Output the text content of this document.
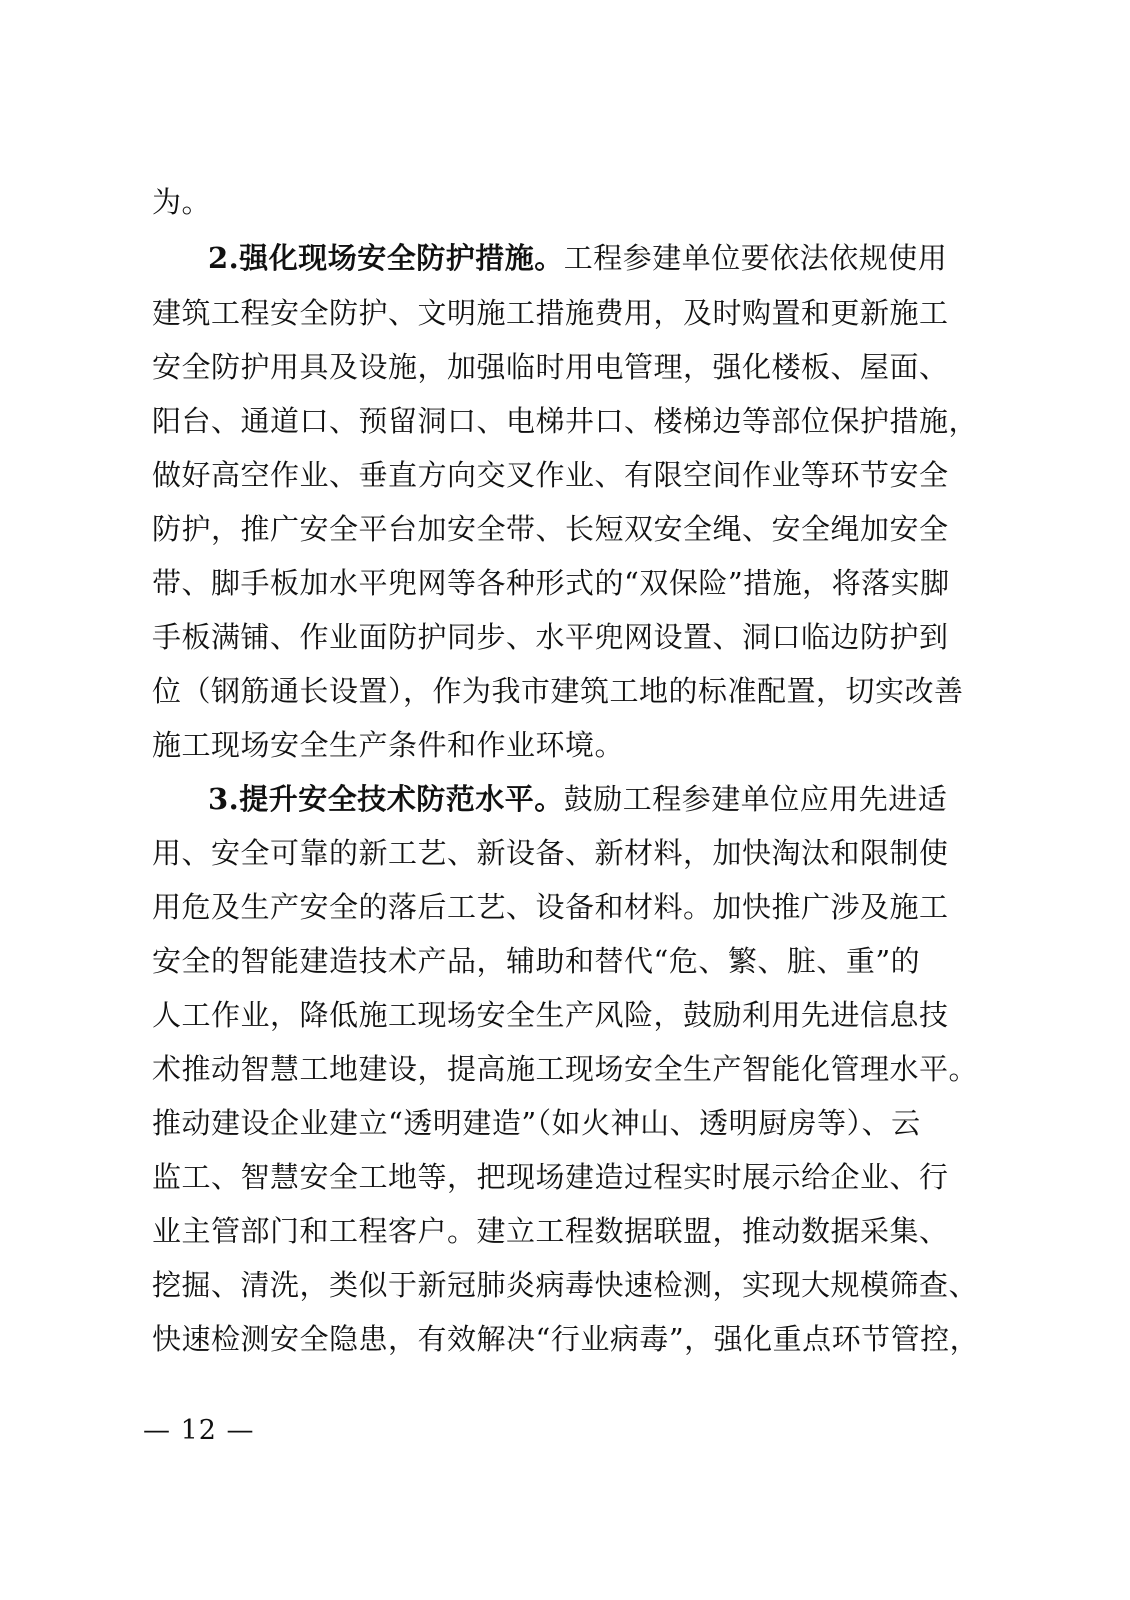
为。
2.强化现场安全防护措施。工程参建单位要依法依规使用
建筑工程安全防护、文明施工措施费用，及时购置和更新施工
安全防护用具及设施，加强临时用电管理，强化楼板、屋面、
阳台、通道口、预留洞口、电梯井口、楼梯边等部位保护措施，
做好高空作业、垂直方向交叉作业、有限空间作业等环节安全
防护，推广安全平台加安全带、长短双安全绳、安全绳加安全
带、脚手板加水平兜网等各种形式的“双保险”措施，将落实脚
手板满铺、作业面防护同步、水平兜网设置、洞口临边防护到
位（钢筋通长设置），作为我市建筑工地的标准配置，切实改善
施工现场安全生产条件和作业环境。
3.提升安全技术防范水平。鼓励工程参建单位应用先进适
用、安全可靠的新工艺、新设备、新材料，加快淘汰和限制使
用危及生产安全的落后工艺、设备和材料。加快推广涉及施工
安全的智能建造技术产品，辅助和替代“危、繁、脏、重”的
人工作业，降低施工现场安全生产风险，鼓励利用先进信息技
术推动智慧工地建设，提高施工现场安全生产智能化管理水平。
推动建设企业建立“透明建造”（如火神山、透明厨房等）、云
监工、智慧安全工地等，把现场建造过程实时展示给企业、行
业主管部门和工程客户。建立工程数据联盟，推动数据采集、
挖掘、清洗，类似于新冠肺炎病毒快速检测，实现大规模筛查、
快速检测安全隐患，有效解决“行业病毒”，强化重点环节管控，
— 12 —
